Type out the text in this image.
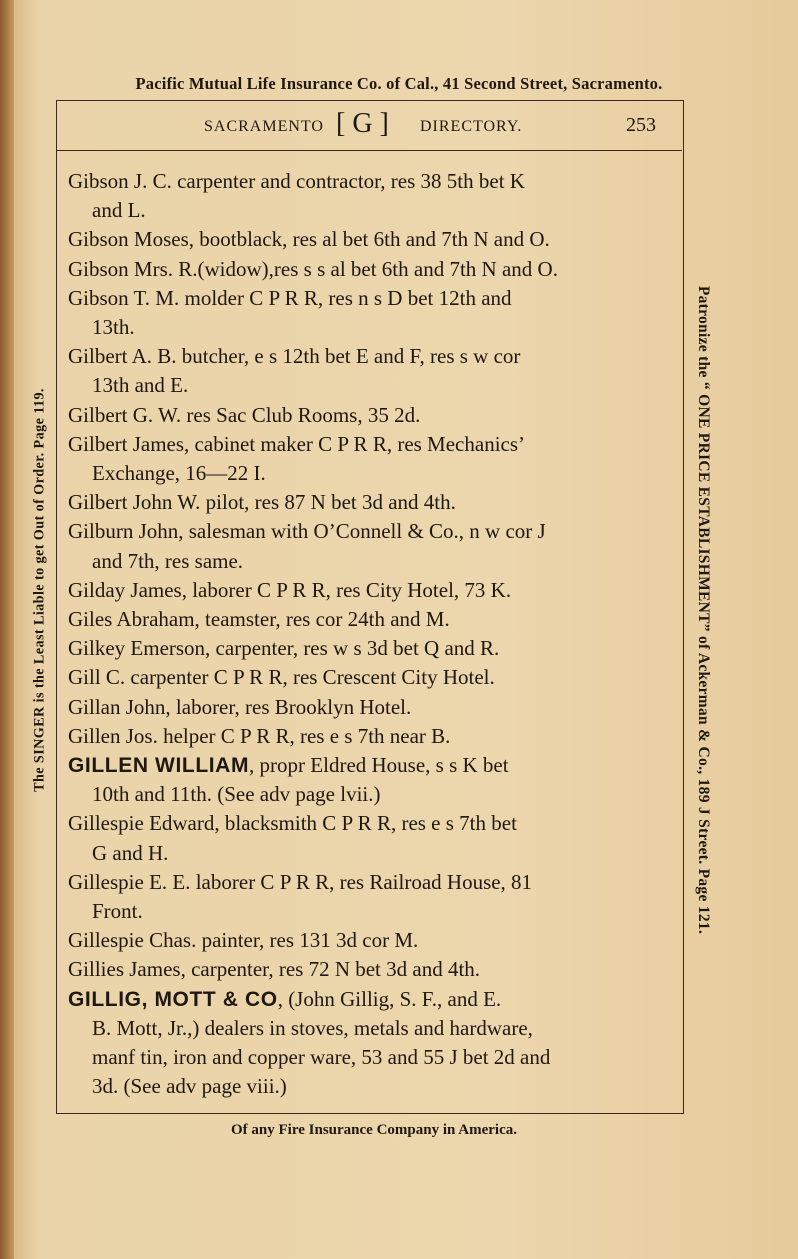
Pacific Mutual Life Insurance Co. of Cal., 41 Second Street, Sacramento.
SACRAMENTO [ G ] DIRECTORY.	253
Gibson J. C. carpenter and contractor, res 38 5th bet K
and L.
Gibson Moses, bootblack, res al bet 6th and 7th N and O.
Gibson Mrs. R.(widow),res s s al bet 6th and 7th N and O.
Gibson T. M. molder C P R R, res n s D bet 12th and
13th.
Gilbert A. B. butcher, e s 12th bet E and F, res s w cor
13th and E.
Gilbert G. W. res Sac Club Rooms, 35 2d.
Gilbert James, cabinet maker C P R R, res Mechanics’
Exchange, 16—22 I.
Gilbert John W. pilot, res 87 N bet 3d and 4th.
Gilburn John, salesman with O’Connell & Co., n w cor J
and 7th, res same.
Gilday James, laborer C P R R, res City Hotel, 73 K.
Giles Abraham, teamster, res cor 24th and M.
Gilkey Emerson, carpenter, res w s 3d bet Q and R.
Gill C. carpenter C P R R, res Crescent City Hotel.
Gillan John, laborer, res Brooklyn Hotel.
Gillen Jos. helper C P R R, res e s 7th near B.
GILLEN WILLIAM, propr Eldred House, s s K bet
10th and 11th. (See adv page lvii.)
Gillespie Edward, blacksmith C P R R, res e s 7th bet
G and H.
Gillespie E. E. laborer C P R R, res Railroad House, 81
Front.
Gillespie Chas. painter, res 131 3d cor M.
Gillies James, carpenter, res 72 N bet 3d and 4th.
GILLIG, MOTT & CO, (John Gillig, S. F., and E.
B. Mott, Jr.,) dealers in stoves, metals and hardware,
manf tin, iron and copper ware, 53 and 55 J bet 2d and
3d. (See adv page viii.)
Of any Fire Insurance Company in America.
The SINGER is the Least Liable to get Out of Order. Page 119.	Patronize the “ ONE PRICE ESTABLISHMENT” of Ackerman & Co., 189 J Street. Page 121.
